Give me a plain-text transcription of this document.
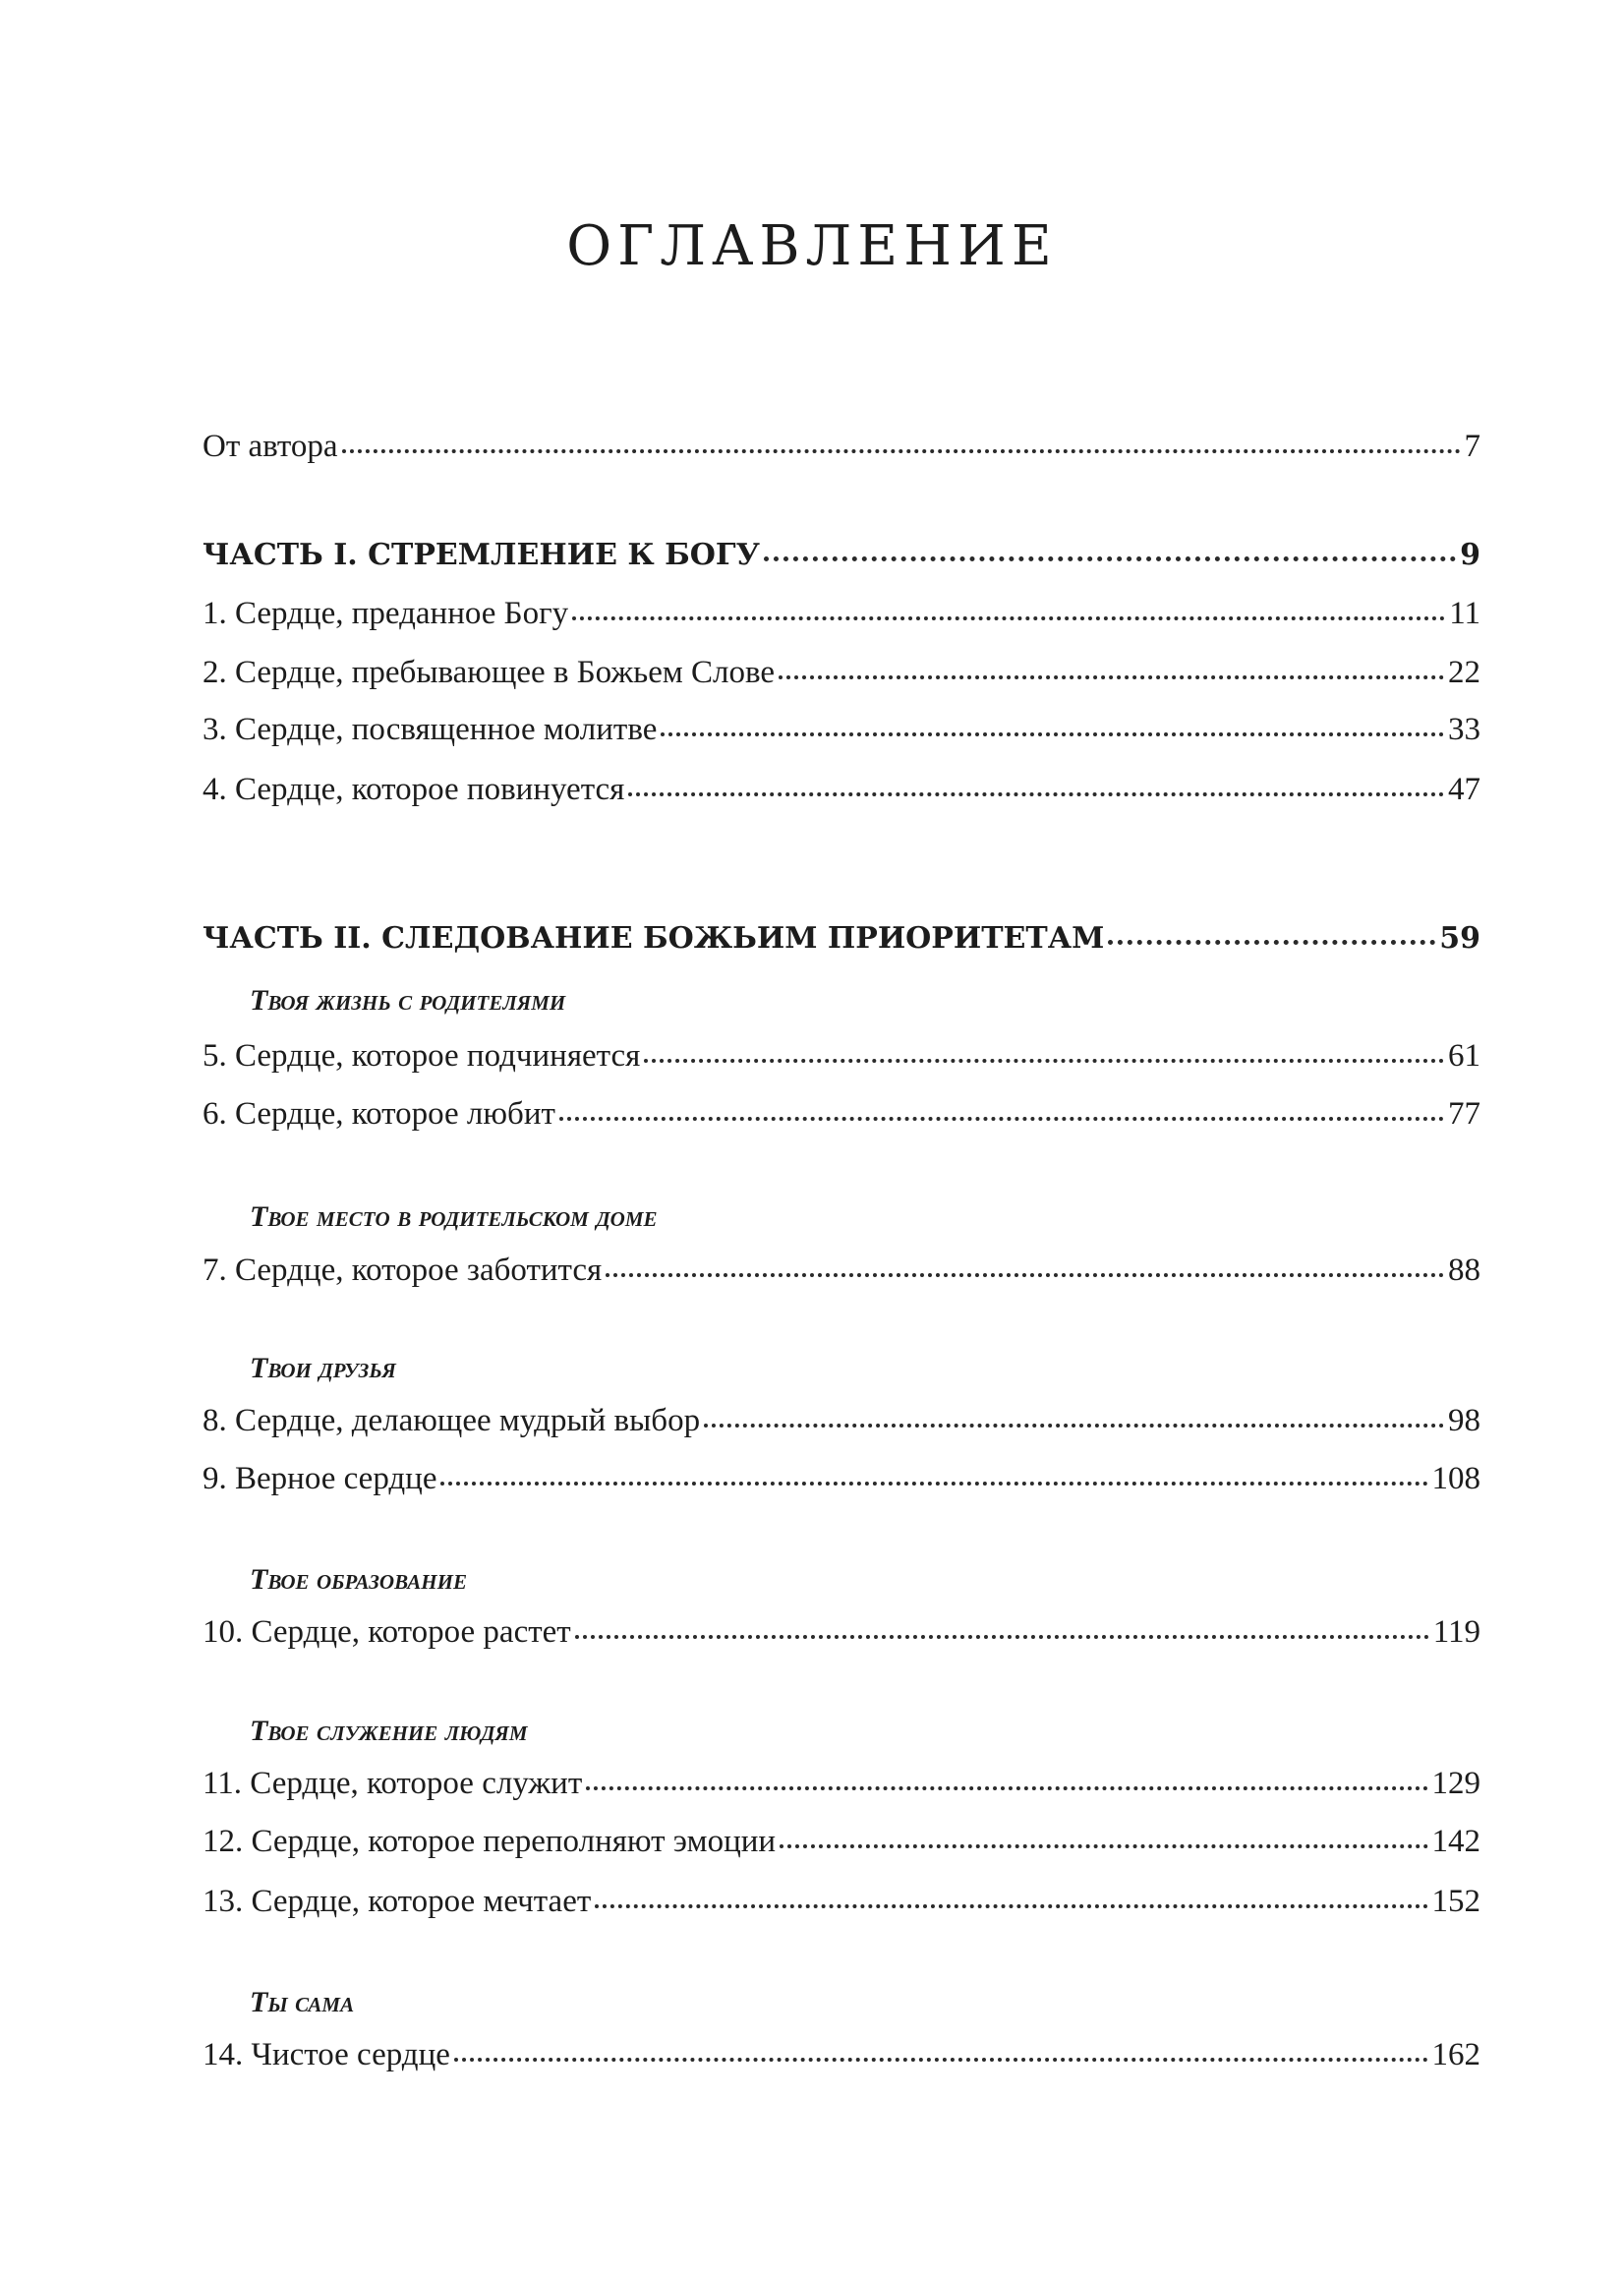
ОГЛАВЛЕНИЕ
От автора	7
ЧАСТЬ I. СТРЕМЛЕНИЕ К БОГУ	9
1. Сердце, преданное Богу	11
2. Сердце, пребывающее в Божьем Слове	22
3. Сердце, посвященное молитве	33
4. Сердце, которое повинуется	47
ЧАСТЬ II. СЛЕДОВАНИЕ БОЖЬИМ ПРИОРИТЕТАМ	59
Твоя жизнь с родителями
5. Сердце, которое подчиняется	61
6. Сердце, которое любит	77
Твое место в родительском доме
7. Сердце, которое заботится	88
Твои друзья
8. Сердце, делающее мудрый выбор	98
9. Верное сердце	108
Твое образование
10. Сердце, которое растет	119
Твое служение людям
11. Сердце, которое служит	129
12. Сердце, которое переполняют эмоции	142
13. Сердце, которое мечтает	152
Ты сама
14. Чистое сердце	162
